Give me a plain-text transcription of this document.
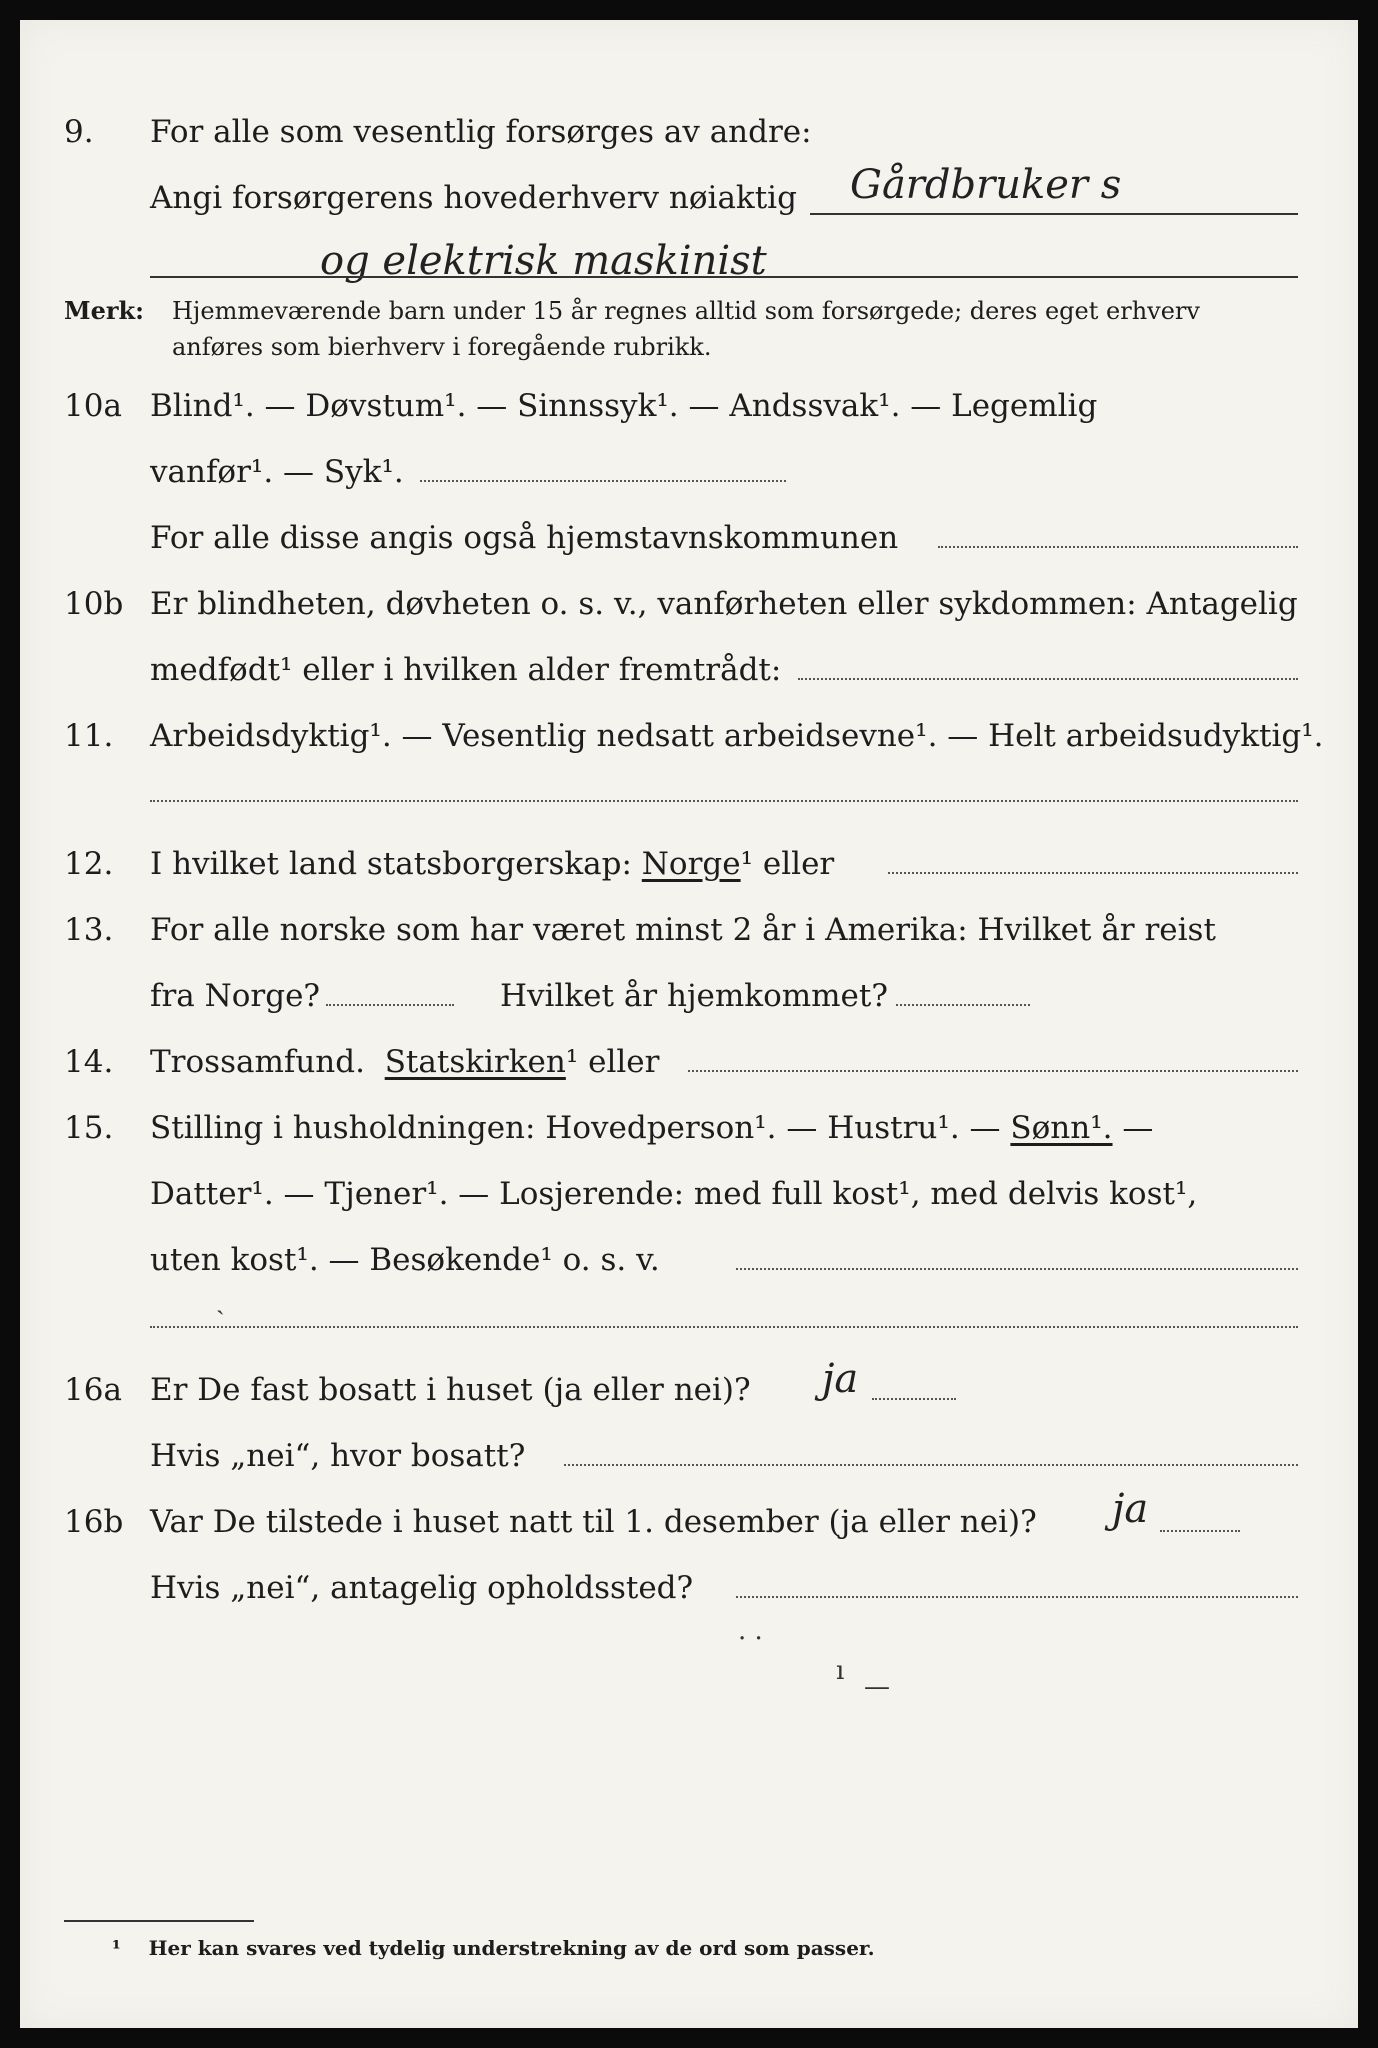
9. For alle som vesentlig forsørges av andre:
Angi forsørgerens hovederhverv nøiaktig Gårdbruker s
og elektrisk maskinist
Merk: Hjemmeværende barn under 15 år regnes alltid som forsørgede; deres eget erhverv
anføres som bierhverv i foregående rubrikk.
10a Blind¹. — Døvstum¹. — Sinnssyk¹. — Andssvak¹. — Legemlig
vanfør¹. — Syk¹.
For alle disse angis også hjemstavnskommunen
10b Er blindheten, døvheten o. s. v., vanførheten eller sykdommen: Antagelig
medfødt¹ eller i hvilken alder fremtrådt:
11. Arbeidsdyktig¹. — Vesentlig nedsatt arbeidsevne¹. — Helt arbeidsudyktig¹.
12. I hvilket land statsborgerskap: Norge¹ eller
13. For alle norske som har været minst 2 år i Amerika: Hvilket år reist
fra Norge?	Hvilket år hjemkommet?
14. Trossamfund. Statskirken¹ eller
15. Stilling i husholdningen: Hovedperson¹. — Hustru¹. — Sønn¹. —
Datter¹. — Tjener¹. — Losjerende: med full kost¹, med delvis kost¹,
uten kost¹. — Besøkende¹ o. s. v.
ˏ
16a Er De fast bosatt i huset (ja eller nei)? ja
Hvis „nei“, hvor bosatt?
16b Var De tilstede i huset natt til 1. desember (ja eller nei)? ja
Hvis „nei“, antagelig opholdssted?
· ·
ı
—
¹ Her kan svares ved tydelig understrekning av de ord som passer.
